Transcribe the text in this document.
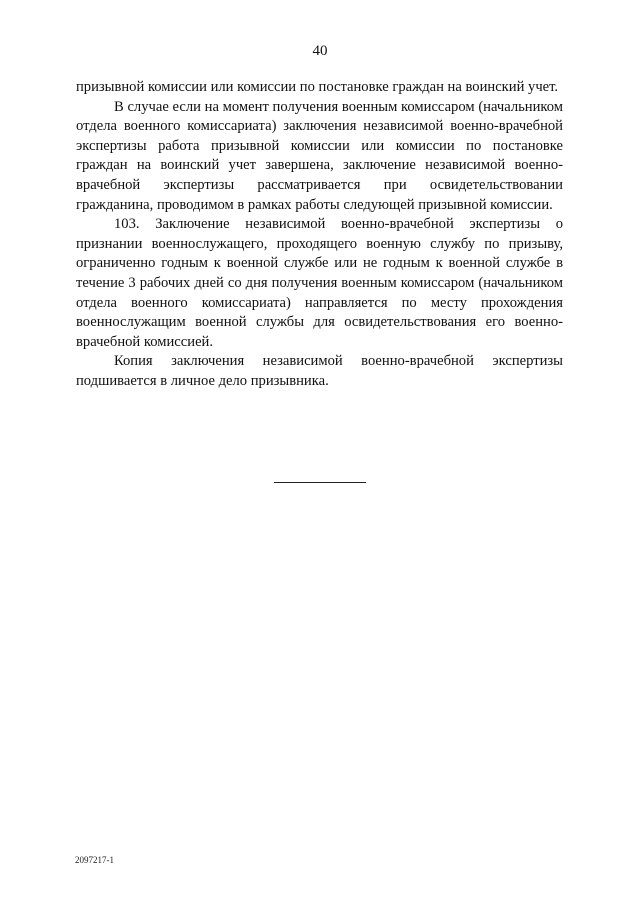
40

призывной комиссии или комиссии по постановке граждан на воинский учет.

В случае если на момент получения военным комиссаром (начальником отдела военного комиссариата) заключения независимой военно-врачебной экспертизы работа призывной комиссии или комиссии по постановке граждан на воинский учет завершена, заключение независимой военно-врачебной экспертизы рассматривается при освидетельствовании гражданина, проводимом в рамках работы следующей призывной комиссии.

103. Заключение независимой военно-врачебной экспертизы о признании военнослужащего, проходящего военную службу по призыву, ограниченно годным к военной службе или не годным к военной службе в течение 3 рабочих дней со дня получения военным комиссаром (начальником отдела военного комиссариата) направляется по месту прохождения военнослужащим военной службы для освидетельствования его военно-врачебной комиссией.

Копия заключения независимой военно-врачебной экспертизы подшивается в личное дело призывника.

2097217-1
